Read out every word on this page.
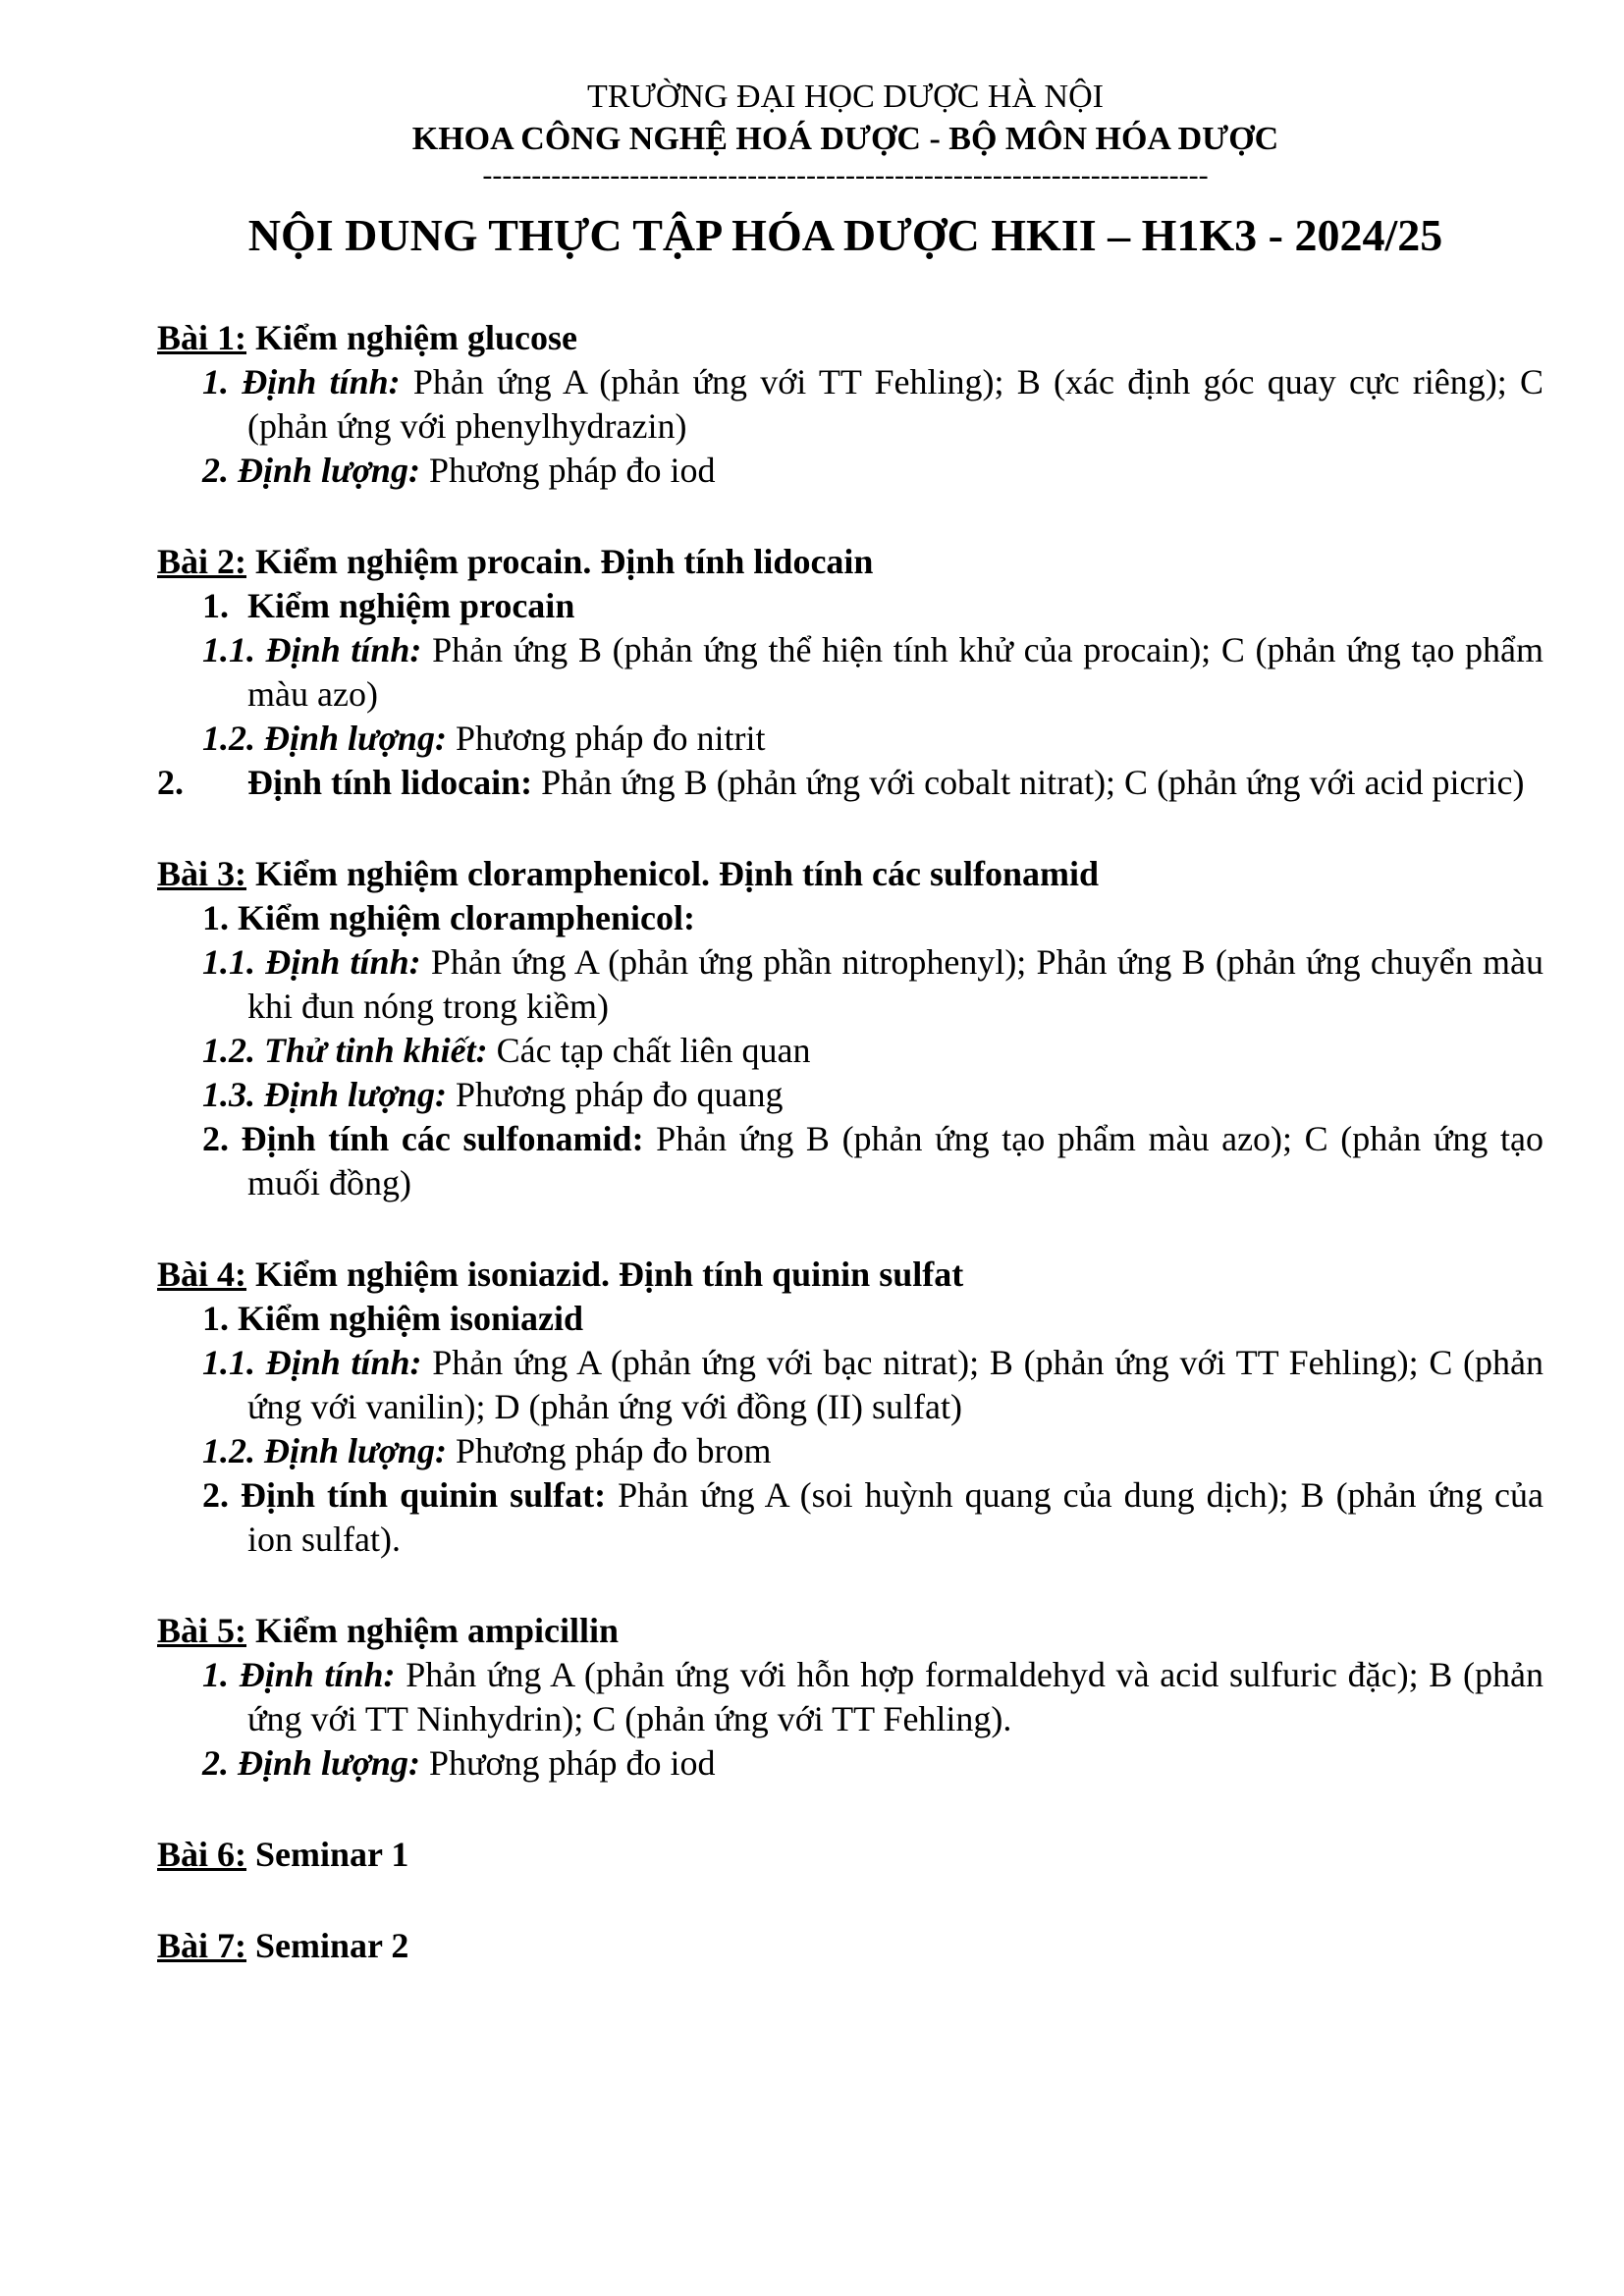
TRƯỜNG ĐẠI HỌC DƯỢC HÀ NỘI
KHOA CÔNG NGHỆ HOÁ DƯỢC - BỘ MÔN HÓA DƯỢC
--------------------------------------------------------------------------
NỘI DUNG THỰC TẬP HÓA DƯỢC HKII – H1K3 - 2024/25
Bài 1: Kiểm nghiệm glucose
1. Định tính: Phản ứng A (phản ứng với TT Fehling); B (xác định góc quay cực riêng); C (phản ứng với phenylhydrazin)
2. Định lượng: Phương pháp đo iod
Bài 2: Kiểm nghiệm procain. Định tính lidocain
1. Kiểm nghiệm procain
1.1. Định tính: Phản ứng B (phản ứng thể hiện tính khử của procain); C (phản ứng tạo phẩm màu azo)
1.2. Định lượng: Phương pháp đo nitrit
2. Định tính lidocain: Phản ứng B (phản ứng với cobalt nitrat); C (phản ứng với acid picric)
Bài 3: Kiểm nghiệm cloramphenicol. Định tính các sulfonamid
1. Kiểm nghiệm cloramphenicol:
1.1. Định tính: Phản ứng A (phản ứng phần nitrophenyl); Phản ứng B (phản ứng chuyển màu khi đun nóng trong kiềm)
1.2. Thử tinh khiết: Các tạp chất liên quan
1.3. Định lượng: Phương pháp đo quang
2. Định tính các sulfonamid: Phản ứng B (phản ứng tạo phẩm màu azo); C (phản ứng tạo muối đồng)
Bài 4: Kiểm nghiệm isoniazid. Định tính quinin sulfat
1. Kiểm nghiệm isoniazid
1.1. Định tính: Phản ứng A (phản ứng với bạc nitrat); B (phản ứng với TT Fehling); C (phản ứng với vanilin); D (phản ứng với đồng (II) sulfat)
1.2. Định lượng: Phương pháp đo brom
2. Định tính quinin sulfat: Phản ứng A (soi huỳnh quang của dung dịch); B (phản ứng của ion sulfat).
Bài 5: Kiểm nghiệm ampicillin
1. Định tính: Phản ứng A (phản ứng với hỗn hợp formaldehyd và acid sulfuric đặc); B (phản ứng với TT Ninhydrin); C (phản ứng với TT Fehling).
2. Định lượng: Phương pháp đo iod
Bài 6: Seminar 1
Bài 7: Seminar 2
